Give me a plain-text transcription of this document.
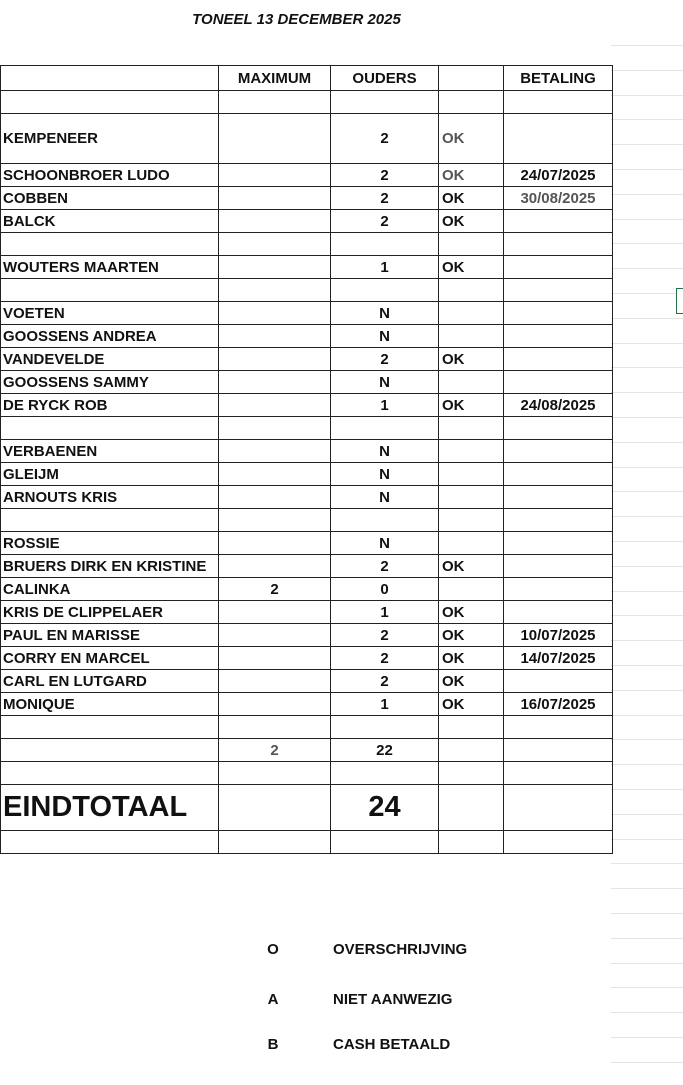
TONEEL 13 DECEMBER 2025
	MAXIMUM	OUDERS		BETALING

KEMPENEER		2	OK	
SCHOONBROER LUDO		2	OK	24/07/2025
COBBEN		2	OK	30/08/2025
BALCK		2	OK	

WOUTERS MAARTEN		1	OK	

VOETEN		N		
GOOSSENS ANDREA		N		
VANDEVELDE		2	OK	
GOOSSENS SAMMY		N		
DE RYCK ROB		1	OK	24/08/2025

VERBAENEN		N		
GLEIJM		N		
ARNOUTS KRIS		N		

ROSSIE		N		
BRUERS DIRK EN KRISTINE		2	OK	
CALINKA	2	0		
KRIS DE CLIPPELAER		1	OK	
PAUL EN MARISSE		2	OK	10/07/2025
CORRY EN MARCEL		2	OK	14/07/2025
CARL EN LUTGARD		2	OK	
MONIQUE		1	OK	16/07/2025

	2	22		

EINDTOTAAL		24		

O	OVERSCHRIJVING
A	NIET AANWEZIG
B	CASH BETAALD
